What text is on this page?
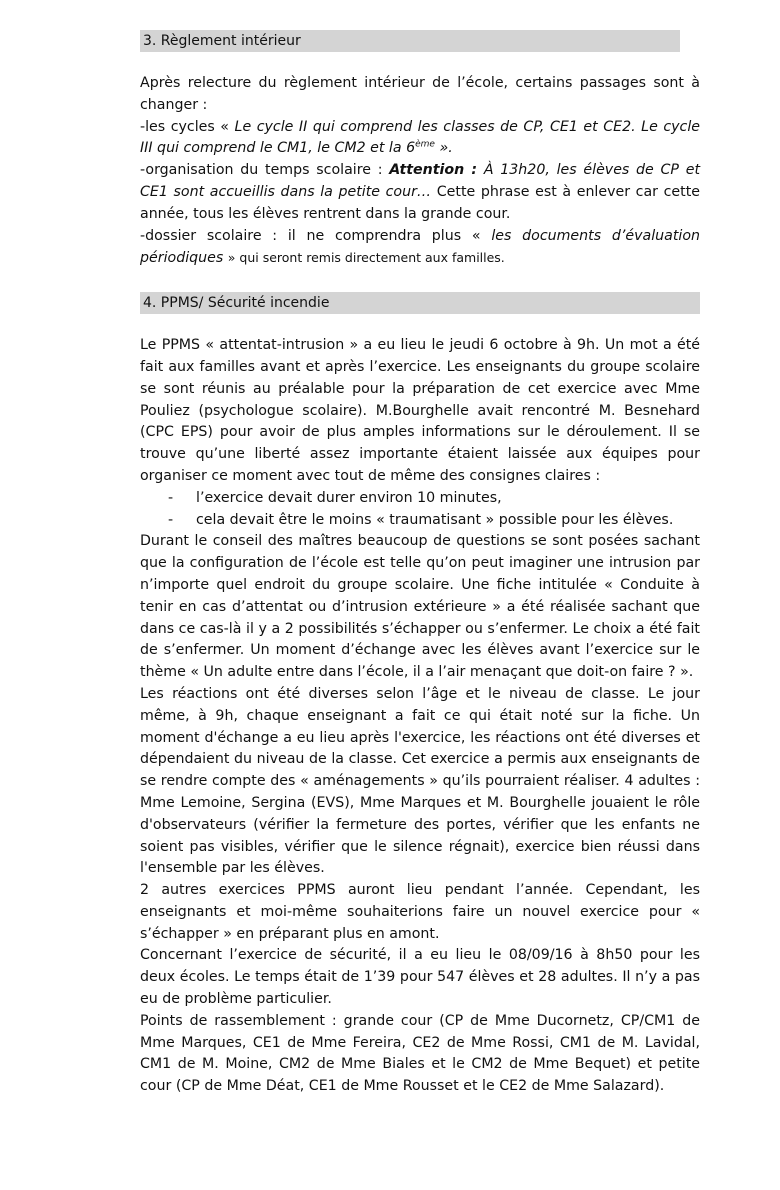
3. Règlement intérieur

Après relecture du règlement intérieur de l’école, certains passages sont à changer :

-les cycles « Le cycle II qui comprend les classes de CP, CE1 et CE2. Le cycle III qui comprend le CM1, le CM2 et la 6ème ».

-organisation du temps scolaire : Attention : À 13h20, les élèves de CP et CE1 sont accueillis dans la petite cour… Cette phrase est à enlever car cette année, tous les élèves rentrent dans la grande cour.

-dossier scolaire : il ne comprendra plus « les documents d’évaluation périodiques » qui seront remis directement aux familles.

4. PPMS/ Sécurité incendie

Le PPMS « attentat-intrusion » a eu lieu le jeudi 6 octobre à 9h. Un mot a été fait aux familles avant et après l’exercice. Les enseignants du groupe scolaire se sont réunis au préalable pour la préparation de cet exercice avec Mme Pouliez (psychologue scolaire). M.Bourghelle avait rencontré M. Besnehard (CPC EPS) pour avoir de plus amples informations sur le déroulement. Il se trouve qu’une liberté assez importante étaient laissée aux équipes pour organiser ce moment avec tout de même des consignes claires :

- l’exercice devait durer environ 10 minutes,
- cela devait être le moins « traumatisant » possible pour les élèves.

Durant le conseil des maîtres beaucoup de questions se sont posées sachant que la configuration de l’école est telle qu’on peut imaginer une intrusion par n’importe quel endroit du groupe scolaire. Une fiche intitulée « Conduite à tenir en cas d’attentat ou d’intrusion extérieure » a été réalisée sachant que dans ce cas-là il y a 2 possibilités s’échapper ou s’enfermer. Le choix a été fait de s’enfermer. Un moment d’échange avec les élèves avant l’exercice sur le thème « Un adulte entre dans l’école, il a l’air menaçant que doit-on faire ? ».

Les réactions ont été diverses selon l’âge et le niveau de classe. Le jour même, à 9h, chaque enseignant a fait ce qui était noté sur la fiche. Un moment d'échange a eu lieu après l'exercice, les réactions ont été diverses et dépendaient du niveau de la classe. Cet exercice a permis aux enseignants de se rendre compte des « aménagements » qu’ils pourraient réaliser. 4 adultes : Mme Lemoine, Sergina (EVS), Mme Marques et M. Bourghelle jouaient le rôle d'observateurs (vérifier la fermeture des portes, vérifier que les enfants ne soient pas visibles, vérifier que le silence régnait), exercice bien réussi dans l'ensemble par les élèves.

2 autres exercices PPMS auront lieu pendant l’année. Cependant, les enseignants et moi-même souhaiterions faire un nouvel exercice pour « s’échapper » en préparant plus en amont.

Concernant l’exercice de sécurité, il a eu lieu le 08/09/16 à 8h50 pour les deux écoles. Le temps était de 1’39 pour 547 élèves et 28 adultes. Il n’y a pas eu de problème particulier.

Points de rassemblement : grande cour (CP de Mme Ducornetz, CP/CM1 de Mme Marques, CE1 de Mme Fereira, CE2 de Mme Rossi, CM1 de M. Lavidal, CM1 de M. Moine, CM2 de Mme Biales et le CM2 de Mme Bequet) et petite cour (CP de Mme Déat, CE1 de Mme Rousset et le CE2 de Mme Salazard).
